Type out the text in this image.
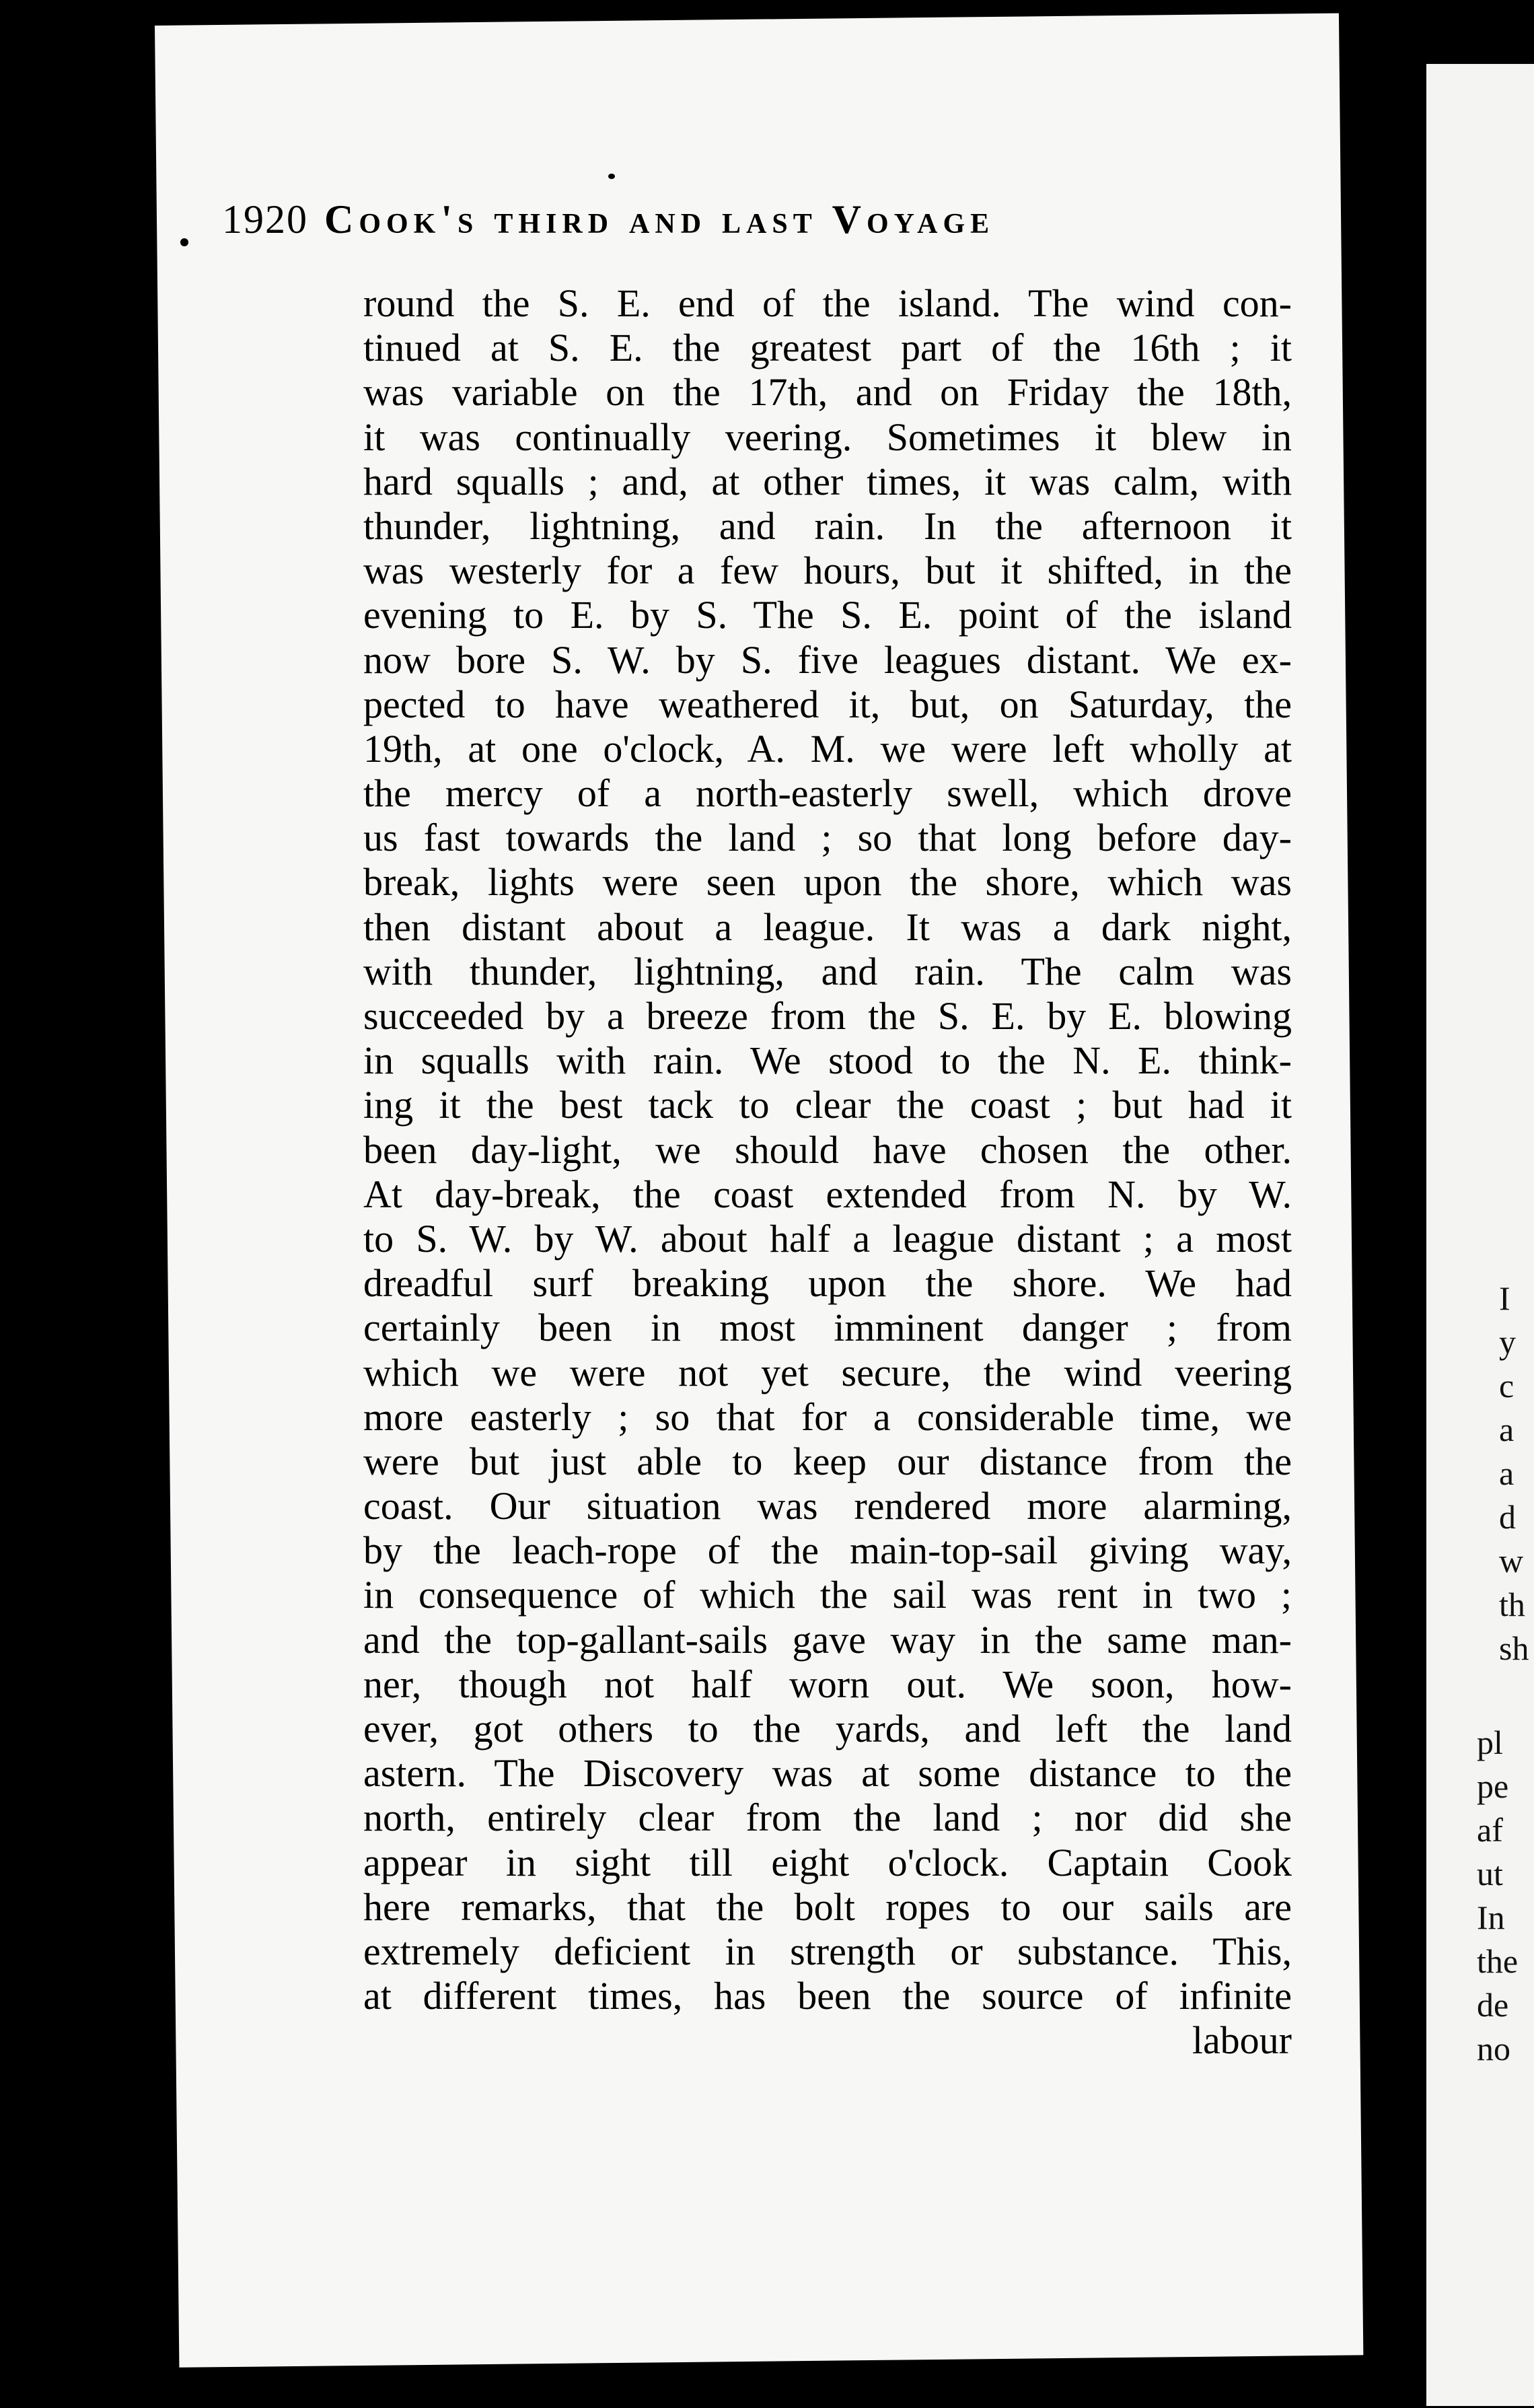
1920 Cook's third and last Voyage
round the S. E. end of the island. The wind con-
tinued at S. E. the greatest part of the 16th ; it
was variable on the 17th, and on Friday the 18th,
it was continually veering. Sometimes it blew in
hard squalls ; and, at other times, it was calm, with
thunder, lightning, and rain. In the afternoon it
was westerly for a few hours, but it shifted, in the
evening to E. by S. The S. E. point of the island
now bore S. W. by S. five leagues distant. We ex-
pected to have weathered it, but, on Saturday, the
19th, at one o'clock, A. M. we were left wholly at
the mercy of a north-easterly swell, which drove
us fast towards the land ; so that long before day-
break, lights were seen upon the shore, which was
then distant about a league. It was a dark night,
with thunder, lightning, and rain. The calm was
succeeded by a breeze from the S. E. by E. blowing
in squalls with rain. We stood to the N. E. think-
ing it the best tack to clear the coast ; but had it
been day-light, we should have chosen the other.
At day-break, the coast extended from N. by W.
to S. W. by W. about half a league distant ; a most
dreadful surf breaking upon the shore. We had
certainly been in most imminent danger ; from
which we were not yet secure, the wind veering
more easterly ; so that for a considerable time, we
were but just able to keep our distance from the
coast. Our situation was rendered more alarming,
by the leach-rope of the main-top-sail giving way,
in consequence of which the sail was rent in two ;
and the top-gallant-sails gave way in the same man-
ner, though not half worn out. We soon, how-
ever, got others to the yards, and left the land
astern. The Discovery was at some distance to the
north, entirely clear from the land ; nor did she
appear in sight till eight o'clock. Captain Cook
here remarks, that the bolt ropes to our sails are
extremely deficient in strength or substance. This,
at different times, has been the source of infinite
labour
I
y
c
a
a
d
w
th
sh
pl
pe
af
ut
In
the
de
no
